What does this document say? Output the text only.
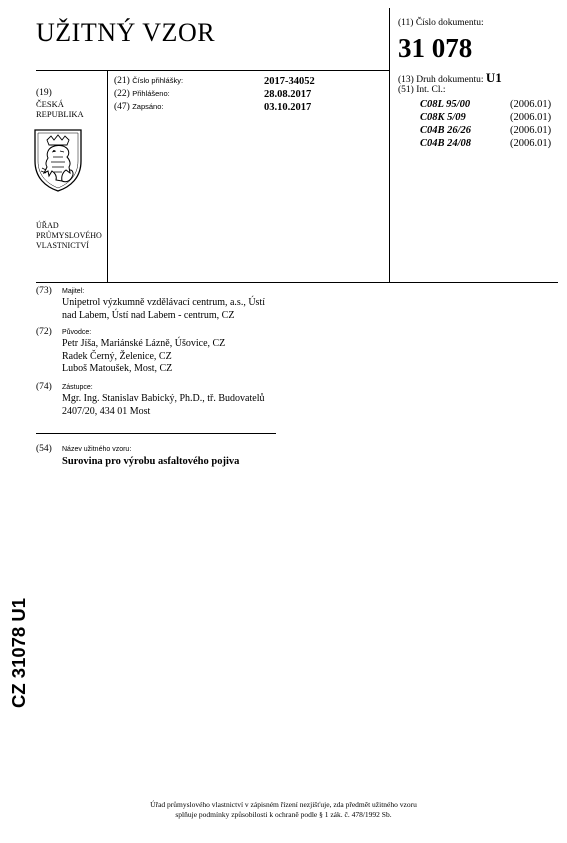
UŽITNÝ VZOR	(11) Číslo dokumentu:
31 078
(13) Druh dokumentu: U1
(51) Int. Cl.:
C08L 95/00	(2006.01)
C08K 5/09	(2006.01)
C04B 26/26	(2006.01)
C04B 24/08	(2006.01)
(19)
ČESKÁ
REPUBLIKA
ÚŘAD
PRŮMYSLOVÉHO
VLASTNICTVÍ
(21) Číslo přihlášky:	2017-34052
(22) Přihlášeno:	28.08.2017
(47) Zapsáno:	03.10.2017
(73) Majitel:
Unipetrol výzkumně vzdělávací centrum, a.s., Ústí
nad Labem, Ústí nad Labem - centrum, CZ
(72) Původce:
Petr Jíša, Mariánské Lázně, Úšovice, CZ
Radek Černý, Želenice, CZ
Luboš Matoušek, Most, CZ
(74) Zástupce:
Mgr. Ing. Stanislav Babický, Ph.D., tř. Budovatelů
2407/20, 434 01 Most
(54) Název užitného vzoru:
Surovina pro výrobu asfaltového pojiva
CZ 31078 U1
Úřad průmyslového vlastnictví v zápisném řízení nezjišťuje, zda předmět užitného vzoru
splňuje podmínky způsobilosti k ochraně podle § 1 zák. č. 478/1992 Sb.
